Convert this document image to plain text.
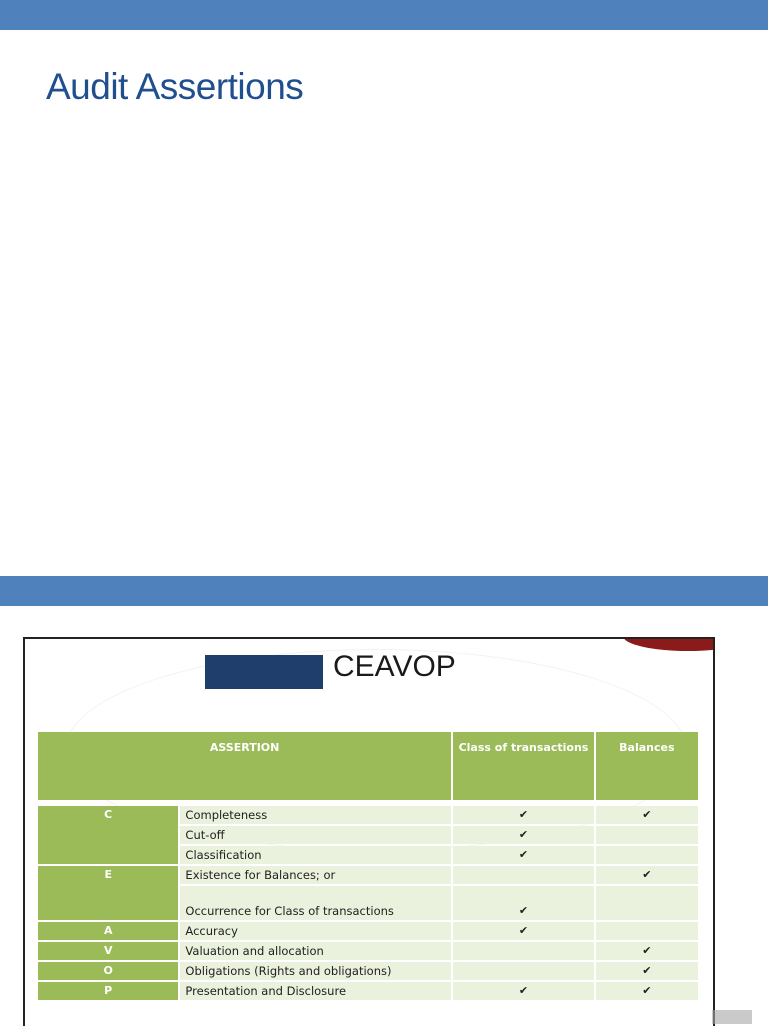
Audit Assertions
CEAVOP
ASSERTION		Class of transactions	Balances

C	Completeness	✔	✔
	Cut-off	✔	
	Classification	✔	
E	Existence for Balances; or		✔
	Occurrence for Class of transactions	✔	
A	Accuracy	✔	
V	Valuation and allocation		✔
O	Obligations (Rights and obligations)		✔
P	Presentation and Disclosure	✔	✔
